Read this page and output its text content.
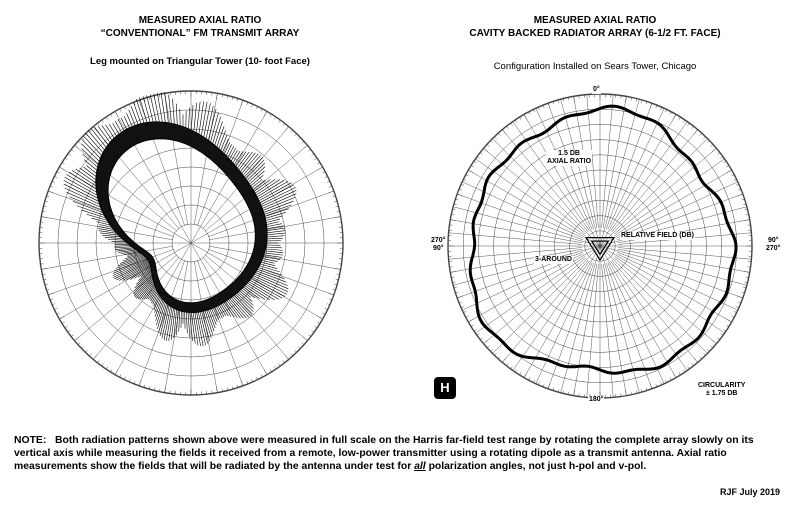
MEASURED AXIAL RATIO
“CONVENTIONAL” FM TRANSMIT ARRAY
Leg mounted on Triangular Tower (10- foot Face)
MEASURED AXIAL RATIO
CAVITY BACKED RADIATOR ARRAY (6-1/2 FT. FACE)
Configuration Installed on Sears Tower, Chicago
0°
180°
270°
90°
90°
270°
1.5 DB
AXIAL RATIO
RELATIVE FIELD (DB)
3-AROUND
CIRCULARITY
± 1.75 DB
H
NOTE: Both radiation patterns shown above were measured in full scale on the Harris far-field test range by rotating the complete array slowly on its vertical axis while measuring the fields it received from a remote, low-power transmitter using a rotating dipole as a transmit antenna. Axial ratio measurements show the fields that will be radiated by the antenna under test for all polarization angles, not just h-pol and v-pol.
RJF July 2019
